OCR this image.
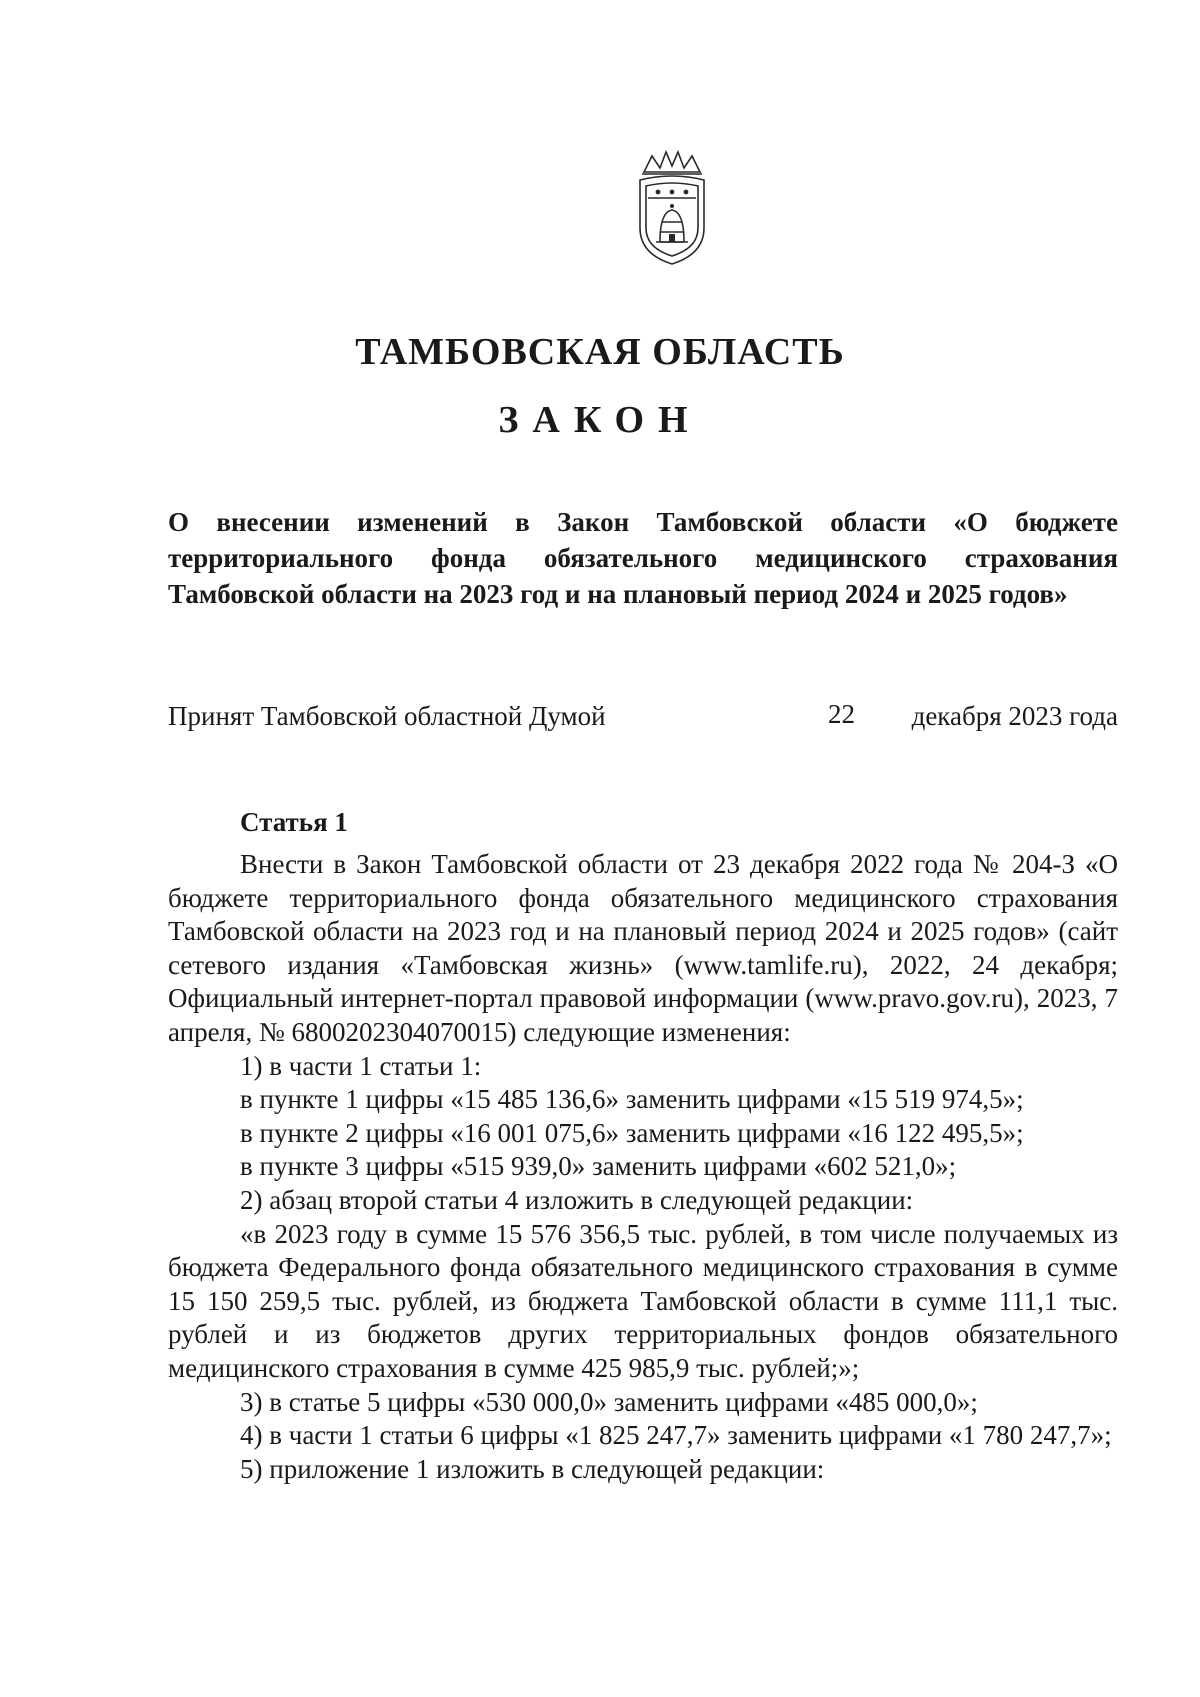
ТАМБОВСКАЯ ОБЛАСТЬ
ЗАКОН
О внесении изменений в Закон Тамбовской области «О бюджете территориального фонда обязательного медицинского страхования Тамбовской области на 2023 год и на плановый период 2024 и 2025 годов»
Принят Тамбовской областной Думой	22 декабря 2023 года
Статья 1

Внести в Закон Тамбовской области от 23 декабря 2022 года № 204-З «О бюджете территориального фонда обязательного медицинского страхования Тамбовской области на 2023 год и на плановый период 2024 и 2025 годов» (сайт сетевого издания «Тамбовская жизнь» (www.tamlife.ru), 2022, 24 декабря; Официальный интернет-портал правовой информации (www.pravo.gov.ru), 2023, 7 апреля, № 6800202304070015) следующие изменения:

1) в части 1 статьи 1:

в пункте 1 цифры «15 485 136,6» заменить цифрами «15 519 974,5»;

в пункте 2 цифры «16 001 075,6» заменить цифрами «16 122 495,5»;

в пункте 3 цифры «515 939,0» заменить цифрами «602 521,0»;

2) абзац второй статьи 4 изложить в следующей редакции:

«в 2023 году в сумме 15 576 356,5 тыс. рублей, в том числе получаемых из бюджета Федерального фонда обязательного медицинского страхования в сумме 15 150 259,5 тыс. рублей, из бюджета Тамбовской области в сумме 111,1 тыс. рублей и из бюджетов других территориальных фондов обязательного медицинского страхования в сумме 425 985,9 тыс. рублей;»;

3) в статье 5 цифры «530 000,0» заменить цифрами «485 000,0»;

4) в части 1 статьи 6 цифры «1 825 247,7» заменить цифрами «1 780 247,7»;

5) приложение 1 изложить в следующей редакции:
